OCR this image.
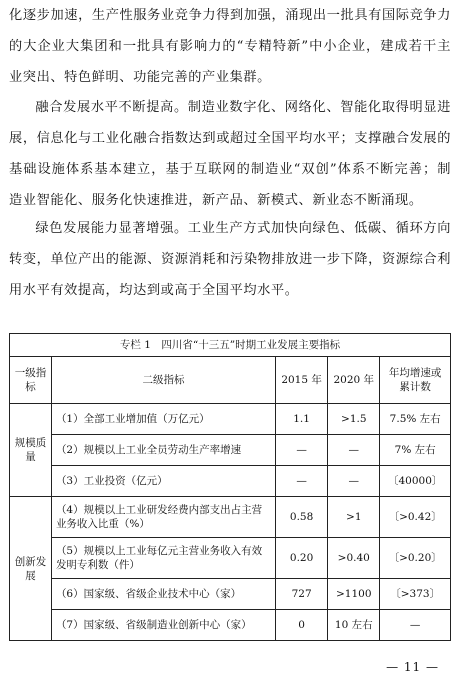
化逐步加速，生产性服务业竞争力得到加强，涌现出一批具有国际竞争力的大企业大集团和一批具有影响力的“专精特新”中小企业，建成若干主业突出、特色鲜明、功能完善的产业集群。

融合发展水平不断提高。制造业数字化、网络化、智能化取得明显进展，信息化与工业化融合指数达到或超过全国平均水平；支撑融合发展的基础设施体系基本建立，基于互联网的制造业“双创”体系不断完善；制造业智能化、服务化快速推进，新产品、新模式、新业态不断涌现。

绿色发展能力显著增强。工业生产方式加快向绿色、低碳、循环方向转变，单位产出的能源、资源消耗和污染物排放进一步下降，资源综合利用水平有效提高，均达到或高于全国平均水平。

专栏 1　四川省“十三五”时期工业发展主要指标				
一级指标	二级指标	2015 年	2020 年	年均增速或累计数
规模质量	（1）全部工业增加值（万亿元）	1.1	>1.5	7.5% 左右
	（2）规模以上工业全员劳动生产率增速	—	—	7% 左右
	（3）工业投资（亿元）	—	—	〔40000〕
创新发展	（4）规模以上工业研发经费内部支出占主营业务收入比重（%）	0.58	>1	〔>0.42〕
	（5）规模以上工业每亿元主营业务收入有效发明专利数（件）	0.20	>0.40	〔>0.20〕
	（6）国家级、省级企业技术中心（家）	727	>1100	〔>373〕
	（7）国家级、省级制造业创新中心（家）	0	10 左右	—
— 11 —
